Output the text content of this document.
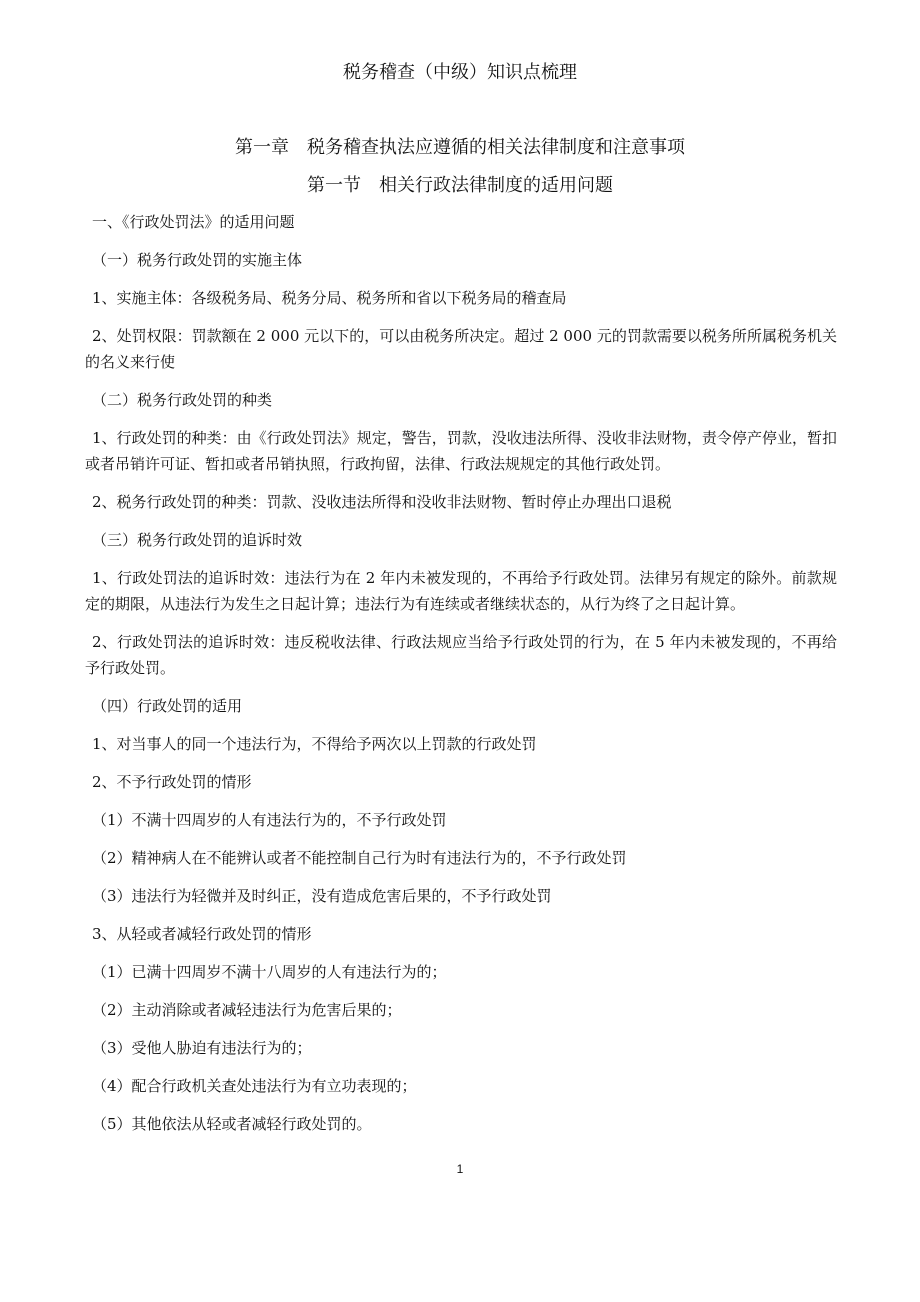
税务稽查（中级）知识点梳理
第一章　税务稽查执法应遵循的相关法律制度和注意事项
第一节　相关行政法律制度的适用问题

一、《行政处罚法》的适用问题

（一）税务行政处罚的实施主体

1、实施主体：各级税务局、税务分局、税务所和省以下税务局的稽查局

2、处罚权限：罚款额在 2 000 元以下的，可以由税务所决定。超过 2 000 元的罚款需要以税务所所属税务机关的名义来行使

（二）税务行政处罚的种类

1、行政处罚的种类：由《行政处罚法》规定，警告，罚款，没收违法所得、没收非法财物，责令停产停业，暂扣或者吊销许可证、暂扣或者吊销执照，行政拘留，法律、行政法规规定的其他行政处罚。

2、税务行政处罚的种类：罚款、没收违法所得和没收非法财物、暂时停止办理出口退税

（三）税务行政处罚的追诉时效

1、行政处罚法的追诉时效：违法行为在 2 年内未被发现的，不再给予行政处罚。法律另有规定的除外。前款规定的期限，从违法行为发生之日起计算；违法行为有连续或者继续状态的，从行为终了之日起计算。

2、行政处罚法的追诉时效：违反税收法律、行政法规应当给予行政处罚的行为，在 5 年内未被发现的，不再给予行政处罚。

（四）行政处罚的适用

1、对当事人的同一个违法行为，不得给予两次以上罚款的行政处罚

2、不予行政处罚的情形

（1）不满十四周岁的人有违法行为的，不予行政处罚

（2）精神病人在不能辨认或者不能控制自己行为时有违法行为的，不予行政处罚

（3）违法行为轻微并及时纠正，没有造成危害后果的，不予行政处罚

3、从轻或者减轻行政处罚的情形

（1）已满十四周岁不满十八周岁的人有违法行为的；

（2）主动消除或者减轻违法行为危害后果的；

（3）受他人胁迫有违法行为的；

（4）配合行政机关查处违法行为有立功表现的；

（5）其他依法从轻或者减轻行政处罚的。

1
